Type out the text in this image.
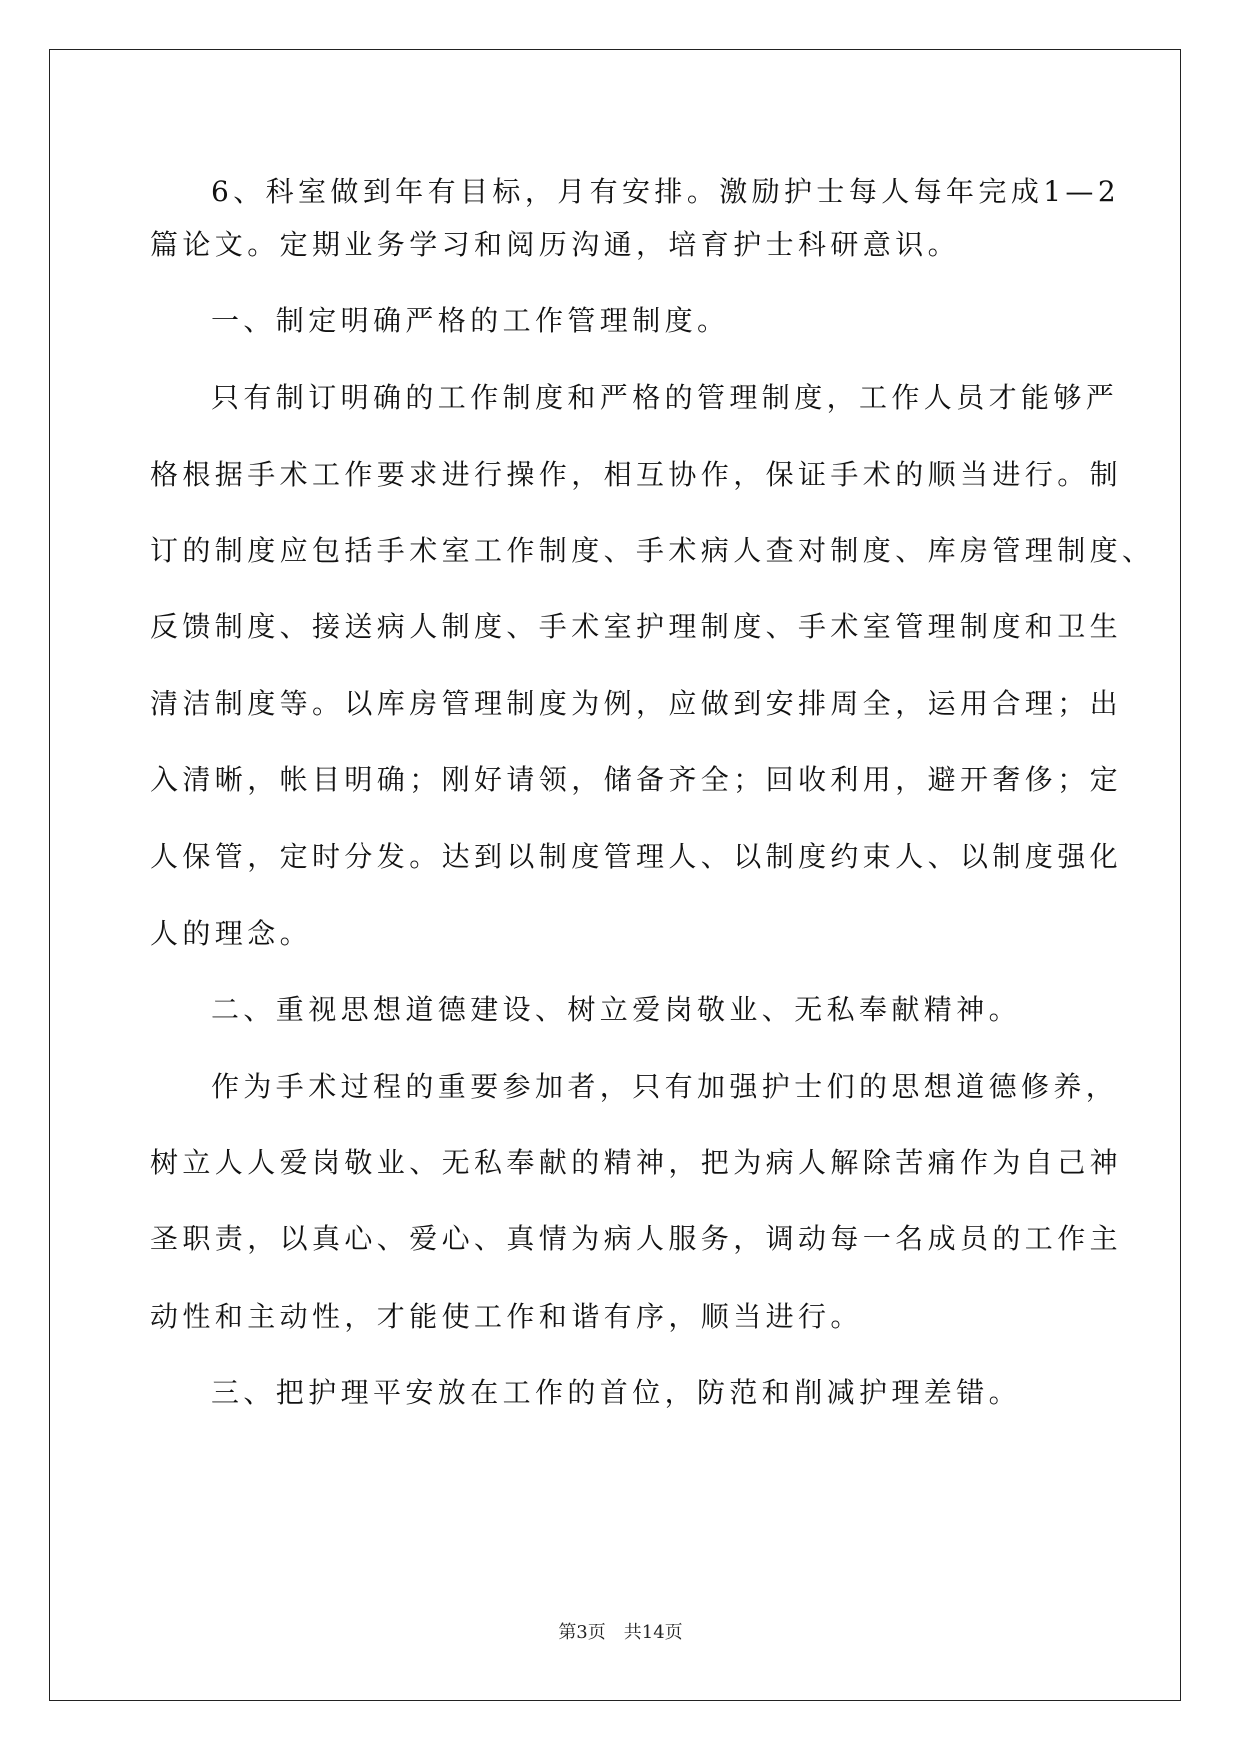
6、科室做到年有目标，月有安排。激励护士每人每年完成1—2
篇论文。定期业务学习和阅历沟通，培育护士科研意识。
一、制定明确严格的工作管理制度。
只有制订明确的工作制度和严格的管理制度，工作人员才能够严
格根据手术工作要求进行操作，相互协作，保证手术的顺当进行。制
订的制度应包括手术室工作制度、手术病人查对制度、库房管理制度、
反馈制度、接送病人制度、手术室护理制度、手术室管理制度和卫生
清洁制度等。以库房管理制度为例，应做到安排周全，运用合理；出
入清晰，帐目明确；刚好请领，储备齐全；回收利用，避开奢侈；定
人保管，定时分发。达到以制度管理人、以制度约束人、以制度强化
人的理念。
二、重视思想道德建设、树立爱岗敬业、无私奉献精神。
作为手术过程的重要参加者，只有加强护士们的思想道德修养，
树立人人爱岗敬业、无私奉献的精神，把为病人解除苦痛作为自己神
圣职责，以真心、爱心、真情为病人服务，调动每一名成员的工作主
动性和主动性，才能使工作和谐有序，顺当进行。
三、把护理平安放在工作的首位，防范和削减护理差错。
第3页　共14页
